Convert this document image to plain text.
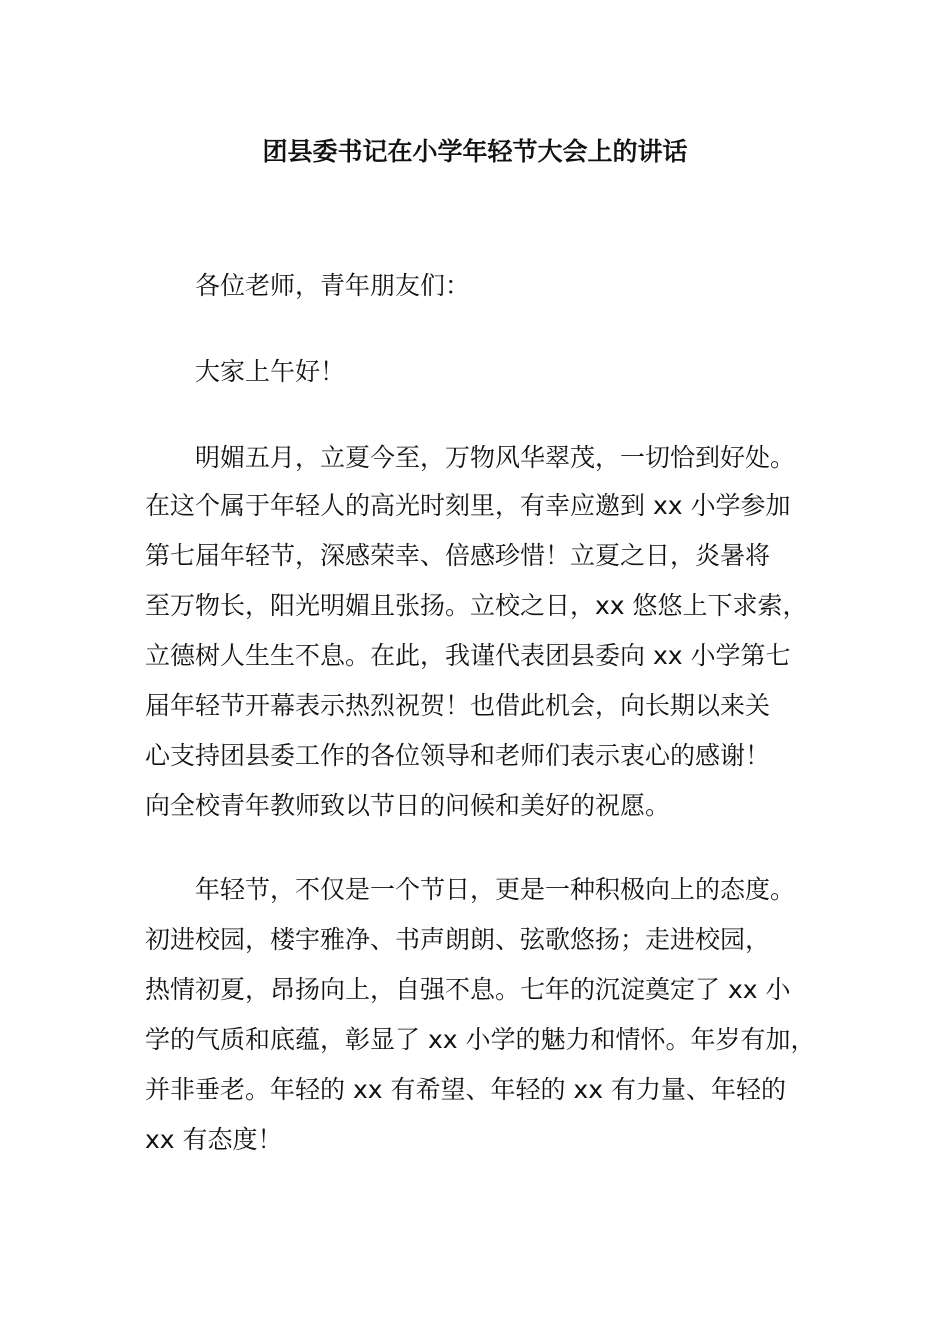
团县委书记在小学年轻节大会上的讲话
各位老师，青年朋友们：
大家上午好！
明媚五月，立夏今至，万物风华翠茂，一切恰到好处。
在这个属于年轻人的高光时刻里，有幸应邀到 xx 小学参加
第七届年轻节，深感荣幸、倍感珍惜！立夏之日，炎暑将
至万物长，阳光明媚且张扬。立校之日，xx 悠悠上下求索，
立德树人生生不息。在此，我谨代表团县委向 xx 小学第七
届年轻节开幕表示热烈祝贺！也借此机会，向长期以来关
心支持团县委工作的各位领导和老师们表示衷心的感谢！
向全校青年教师致以节日的问候和美好的祝愿。
年轻节，不仅是一个节日，更是一种积极向上的态度。
初进校园，楼宇雅净、书声朗朗、弦歌悠扬；走进校园，
热情初夏，昂扬向上，自强不息。七年的沉淀奠定了 xx 小
学的气质和底蕴，彰显了 xx 小学的魅力和情怀。年岁有加，
并非垂老。年轻的 xx 有希望、年轻的 xx 有力量、年轻的
xx 有态度！
